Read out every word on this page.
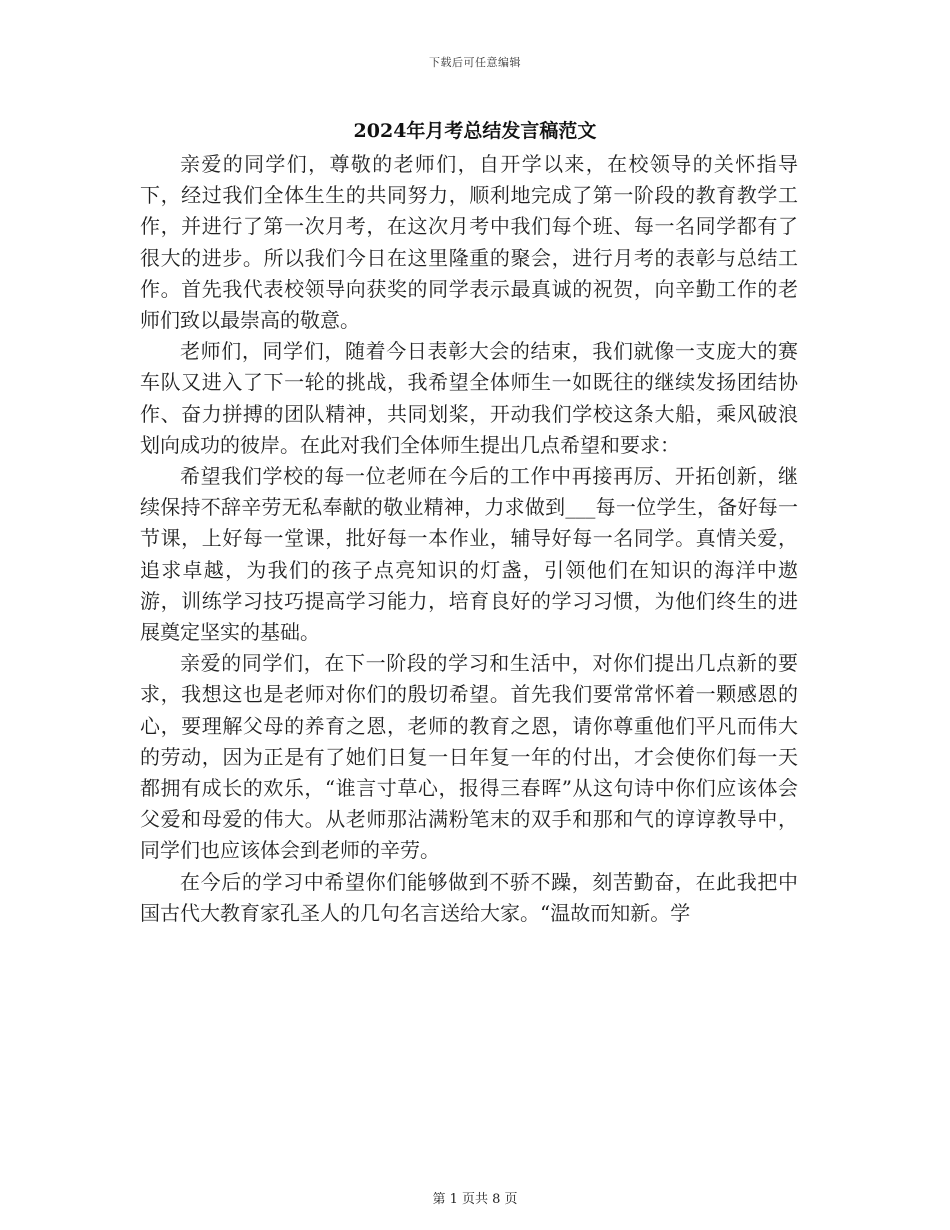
下载后可任意编辑
2024年月考总结发言稿范文

亲爱的同学们，尊敬的老师们，自开学以来，在校领导的关怀指导下，经过我们全体生生的共同努力，顺利地完成了第一阶段的教育教学工作，并进行了第一次月考，在这次月考中我们每个班、每一名同学都有了很大的进步。所以我们今日在这里隆重的聚会，进行月考的表彰与总结工作。首先我代表校领导向获奖的同学表示最真诚的祝贺，向辛勤工作的老师们致以最崇高的敬意。

老师们，同学们，随着今日表彰大会的结束，我们就像一支庞大的赛车队又进入了下一轮的挑战，我希望全体师生一如既往的继续发扬团结协作、奋力拼搏的团队精神，共同划桨，开动我们学校这条大船，乘风破浪划向成功的彼岸。在此对我们全体师生提出几点希望和要求：

希望我们学校的每一位老师在今后的工作中再接再厉、开拓创新，继续保持不辞辛劳无私奉献的敬业精神，力求做到___每一位学生，备好每一节课，上好每一堂课，批好每一本作业，辅导好每一名同学。真情关爱，追求卓越，为我们的孩子点亮知识的灯盏，引领他们在知识的海洋中遨游，训练学习技巧提高学习能力，培育良好的学习习惯，为他们终生的进展奠定坚实的基础。

亲爱的同学们，在下一阶段的学习和生活中，对你们提出几点新的要求，我想这也是老师对你们的殷切希望。首先我们要常常怀着一颗感恩的心，要理解父母的养育之恩，老师的教育之恩，请你尊重他们平凡而伟大的劳动，因为正是有了她们日复一日年复一年的付出，才会使你们每一天都拥有成长的欢乐，“谁言寸草心，报得三春晖”从这句诗中你们应该体会父爱和母爱的伟大。从老师那沾满粉笔末的双手和那和气的谆谆教导中，同学们也应该体会到老师的辛劳。

在今后的学习中希望你们能够做到不骄不躁，刻苦勤奋，在此我把中国古代大教育家孔圣人的几句名言送给大家。“温故而知新。学

第 1 页共 8 页
